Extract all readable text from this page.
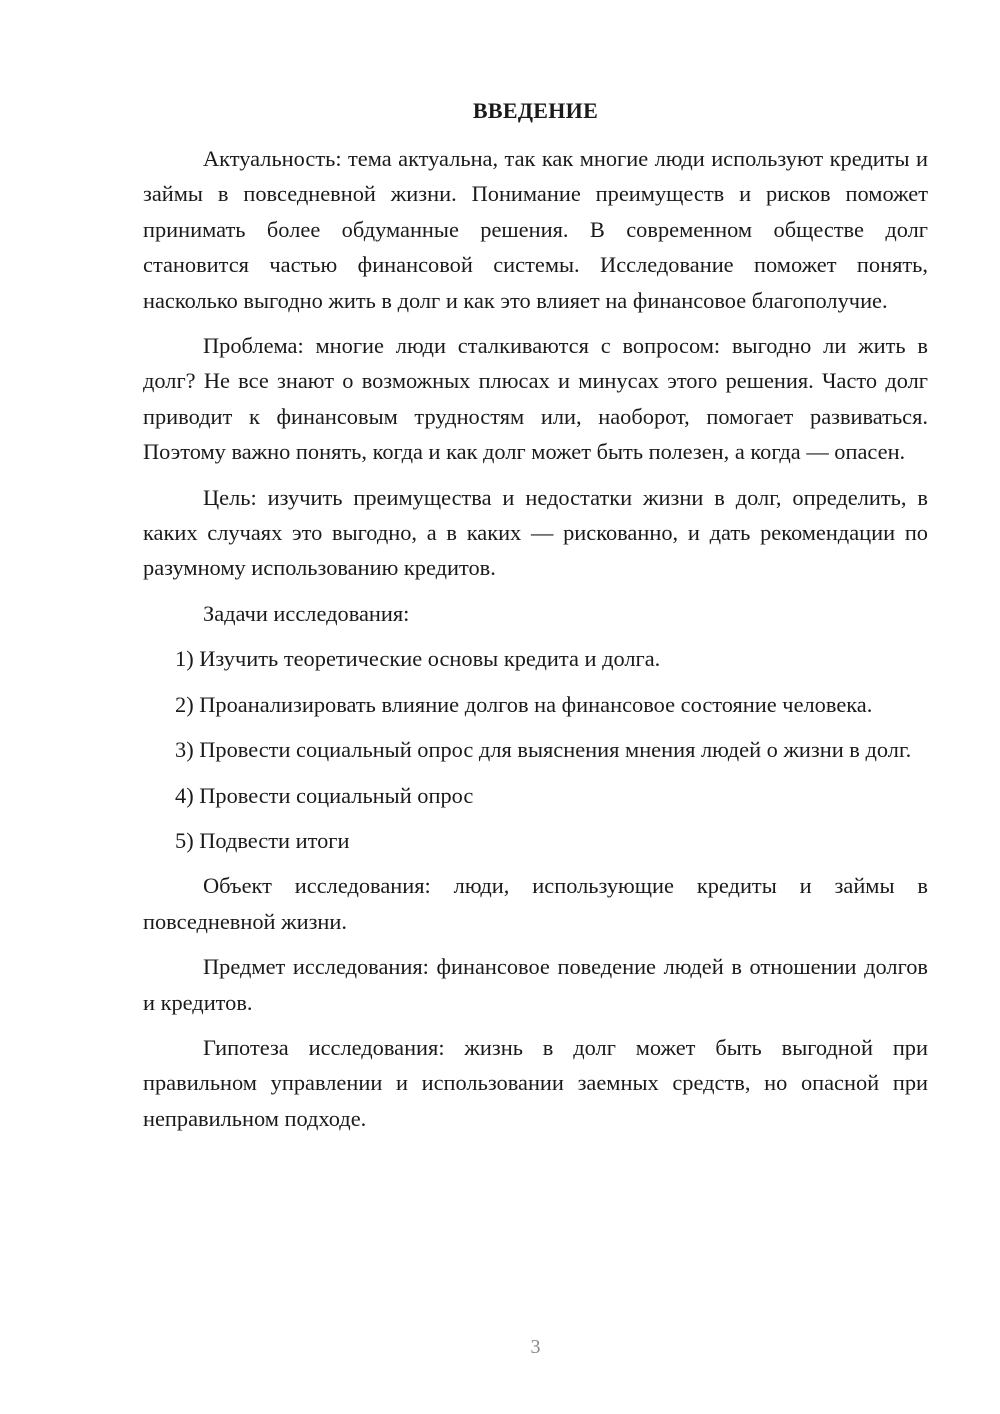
ВВЕДЕНИЕ

Актуальность: тема актуальна, так как многие люди используют кредиты и займы в повседневной жизни. Понимание преимуществ и рисков поможет принимать более обдуманные решения. В современном обществе долг становится частью финансовой системы. Исследование поможет понять, насколько выгодно жить в долг и как это влияет на финансовое благополучие.

Проблема: многие люди сталкиваются с вопросом: выгодно ли жить в долг? Не все знают о возможных плюсах и минусах этого решения. Часто долг приводит к финансовым трудностям или, наоборот, помогает развиваться. Поэтому важно понять, когда и как долг может быть полезен, а когда — опасен.

Цель: изучить преимущества и недостатки жизни в долг, определить, в каких случаях это выгодно, а в каких — рискованно, и дать рекомендации по разумному использованию кредитов.

Задачи исследования:

1) Изучить теоретические основы кредита и долга.

2) Проанализировать влияние долгов на финансовое состояние человека.

3) Провести социальный опрос для выяснения мнения людей о жизни в долг.

4) Провести социальный опрос

5) Подвести итоги

Объект исследования: люди, использующие кредиты и займы в повседневной жизни.

Предмет исследования: финансовое поведение людей в отношении долгов и кредитов.

Гипотеза исследования: жизнь в долг может быть выгодной при правильном управлении и использовании заемных средств, но опасной при неправильном подходе.

3
